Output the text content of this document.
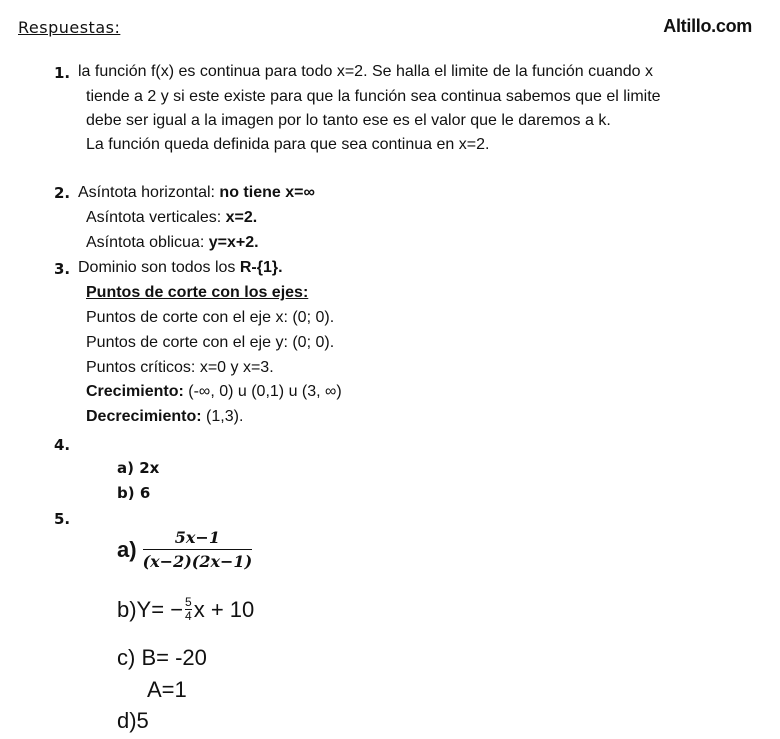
Respuestas:	Altillo.com
1. la función f(x) es continua para todo x=2. Se halla el limite de la función cuando x
tiende a 2 y si este existe para que la función sea continua sabemos que el limite
debe ser igual a la imagen por lo tanto ese es el valor que le daremos a k.
La función queda definida para que sea continua en x=2.
2. Asíntota horizontal: no tiene x=∞
Asíntota verticales: x=2.
Asíntota oblicua: y=x+2.
3. Dominio son todos los R-{1}.
Puntos de corte con los ejes:
Puntos de corte con el eje x: (0; 0).
Puntos de corte con el eje y: (0; 0).
Puntos críticos: x=0 y x=3.
Crecimiento: (-∞, 0) u (0,1) u (3, ∞)
Decrecimiento: (1,3).
4.
a) 2x
b) 6
5.
$a) \frac{5x-1}{(x-2)(2x-1)}$
$b)Y= - \frac{5}{4}$ x + 10
c) B= -20
A=1
d)5
